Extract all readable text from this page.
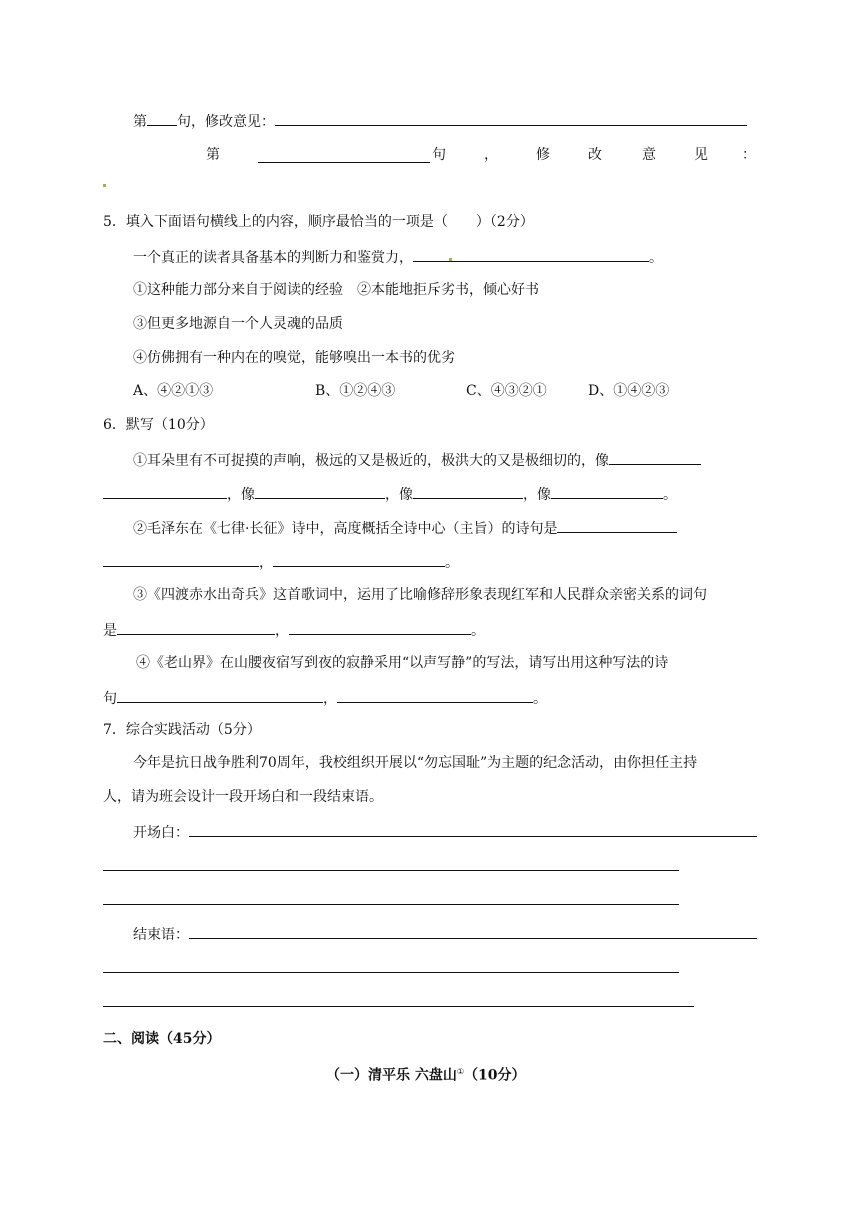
第 句，修改意见：
第	句	，	修	改	意	见 ：
5．填入下面语句横线上的内容，顺序最恰当的一项是（　　）（2分）
一个真正的读者具备基本的判断力和鉴赏力，	。
①这种能力部分来自于阅读的经验　②本能地拒斥劣书，倾心好书
③但更多地源自一个人灵魂的品质
④仿佛拥有一种内在的嗅觉，能够嗅出一本书的优劣
A、④②①③	B、①②④③	C、④③②①	D、①④②③
6．默写（10分）
①耳朵里有不可捉摸的声响，极远的又是极近的，极洪大的又是极细切的，像
，像	，像	，像	。
②毛泽东在《七律·长征》诗中，高度概括全诗中心（主旨）的诗句是
，	。
③《四渡赤水出奇兵》这首歌词中，运用了比喻修辞形象表现红军和人民群众亲密关系的词句
是	，	。
④《老山界》在山腰夜宿写到夜的寂静采用“以声写静”的写法，请写出用这种写法的诗
句	，	。
7．综合实践活动（5分）
今年是抗日战争胜利70周年，我校组织开展以“勿忘国耻”为主题的纪念活动，由你担任主持
人，请为班会设计一段开场白和一段结束语。
开场白：
结束语：
二、阅读（45分）
（一）清平乐 六盘山①（10分）
